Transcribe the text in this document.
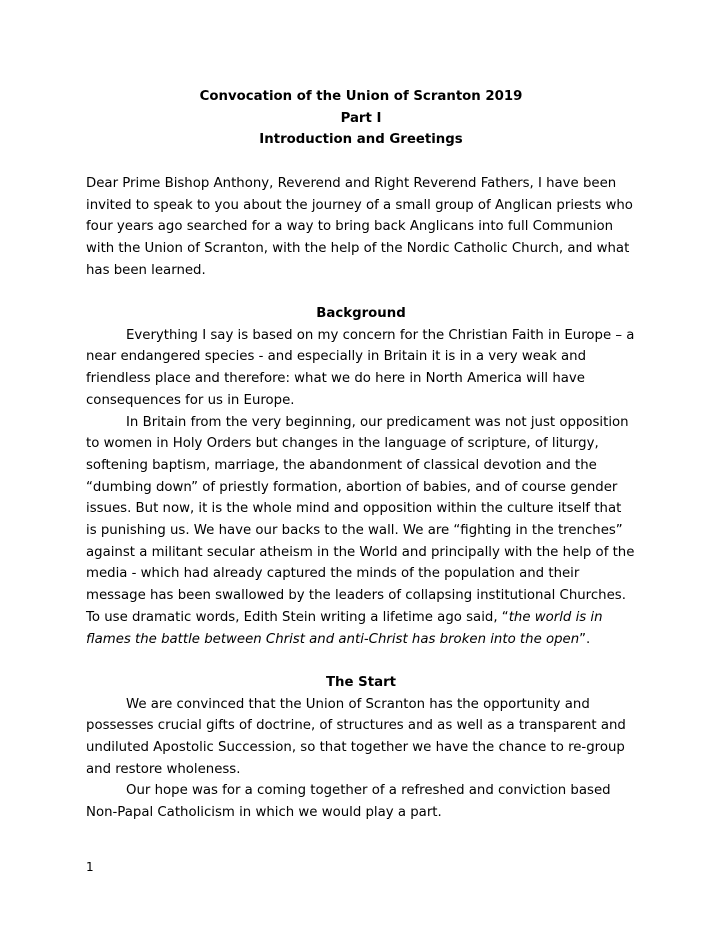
Convocation of the Union of Scranton 2019

Part I

Introduction and Greetings

Dear Prime Bishop Anthony, Reverend and Right Reverend Fathers, I have been invited to speak to you about the journey of a small group of Anglican priests who four years ago searched for a way to bring back Anglicans into full Communion with the Union of Scranton, with the help of the Nordic Catholic Church, and what has been learned.

Background

Everything I say is based on my concern for the Christian Faith in Europe – a near endangered species - and especially in Britain it is in a very weak and friendless place and therefore: what we do here in North America will have consequences for us in Europe.

In Britain from the very beginning, our predicament was not just opposition to women in Holy Orders but changes in the language of scripture, of liturgy, softening baptism, marriage, the abandonment of classical devotion and the “dumbing down” of priestly formation, abortion of babies, and of course gender issues. But now, it is the whole mind and opposition within the culture itself that is punishing us. We have our backs to the wall. We are “fighting in the trenches” against a militant secular atheism in the World and principally with the help of the media - which had already captured the minds of the population and their message has been swallowed by the leaders of collapsing institutional Churches. To use dramatic words, Edith Stein writing a lifetime ago said, “the world is in flames the battle between Christ and anti-Christ has broken into the open”.

The Start

We are convinced that the Union of Scranton has the opportunity and possesses crucial gifts of doctrine, of structures and as well as a transparent and undiluted Apostolic Succession, so that together we have the chance to re-group and restore wholeness.

Our hope was for a coming together of a refreshed and conviction based Non-Papal Catholicism in which we would play a part.

1
